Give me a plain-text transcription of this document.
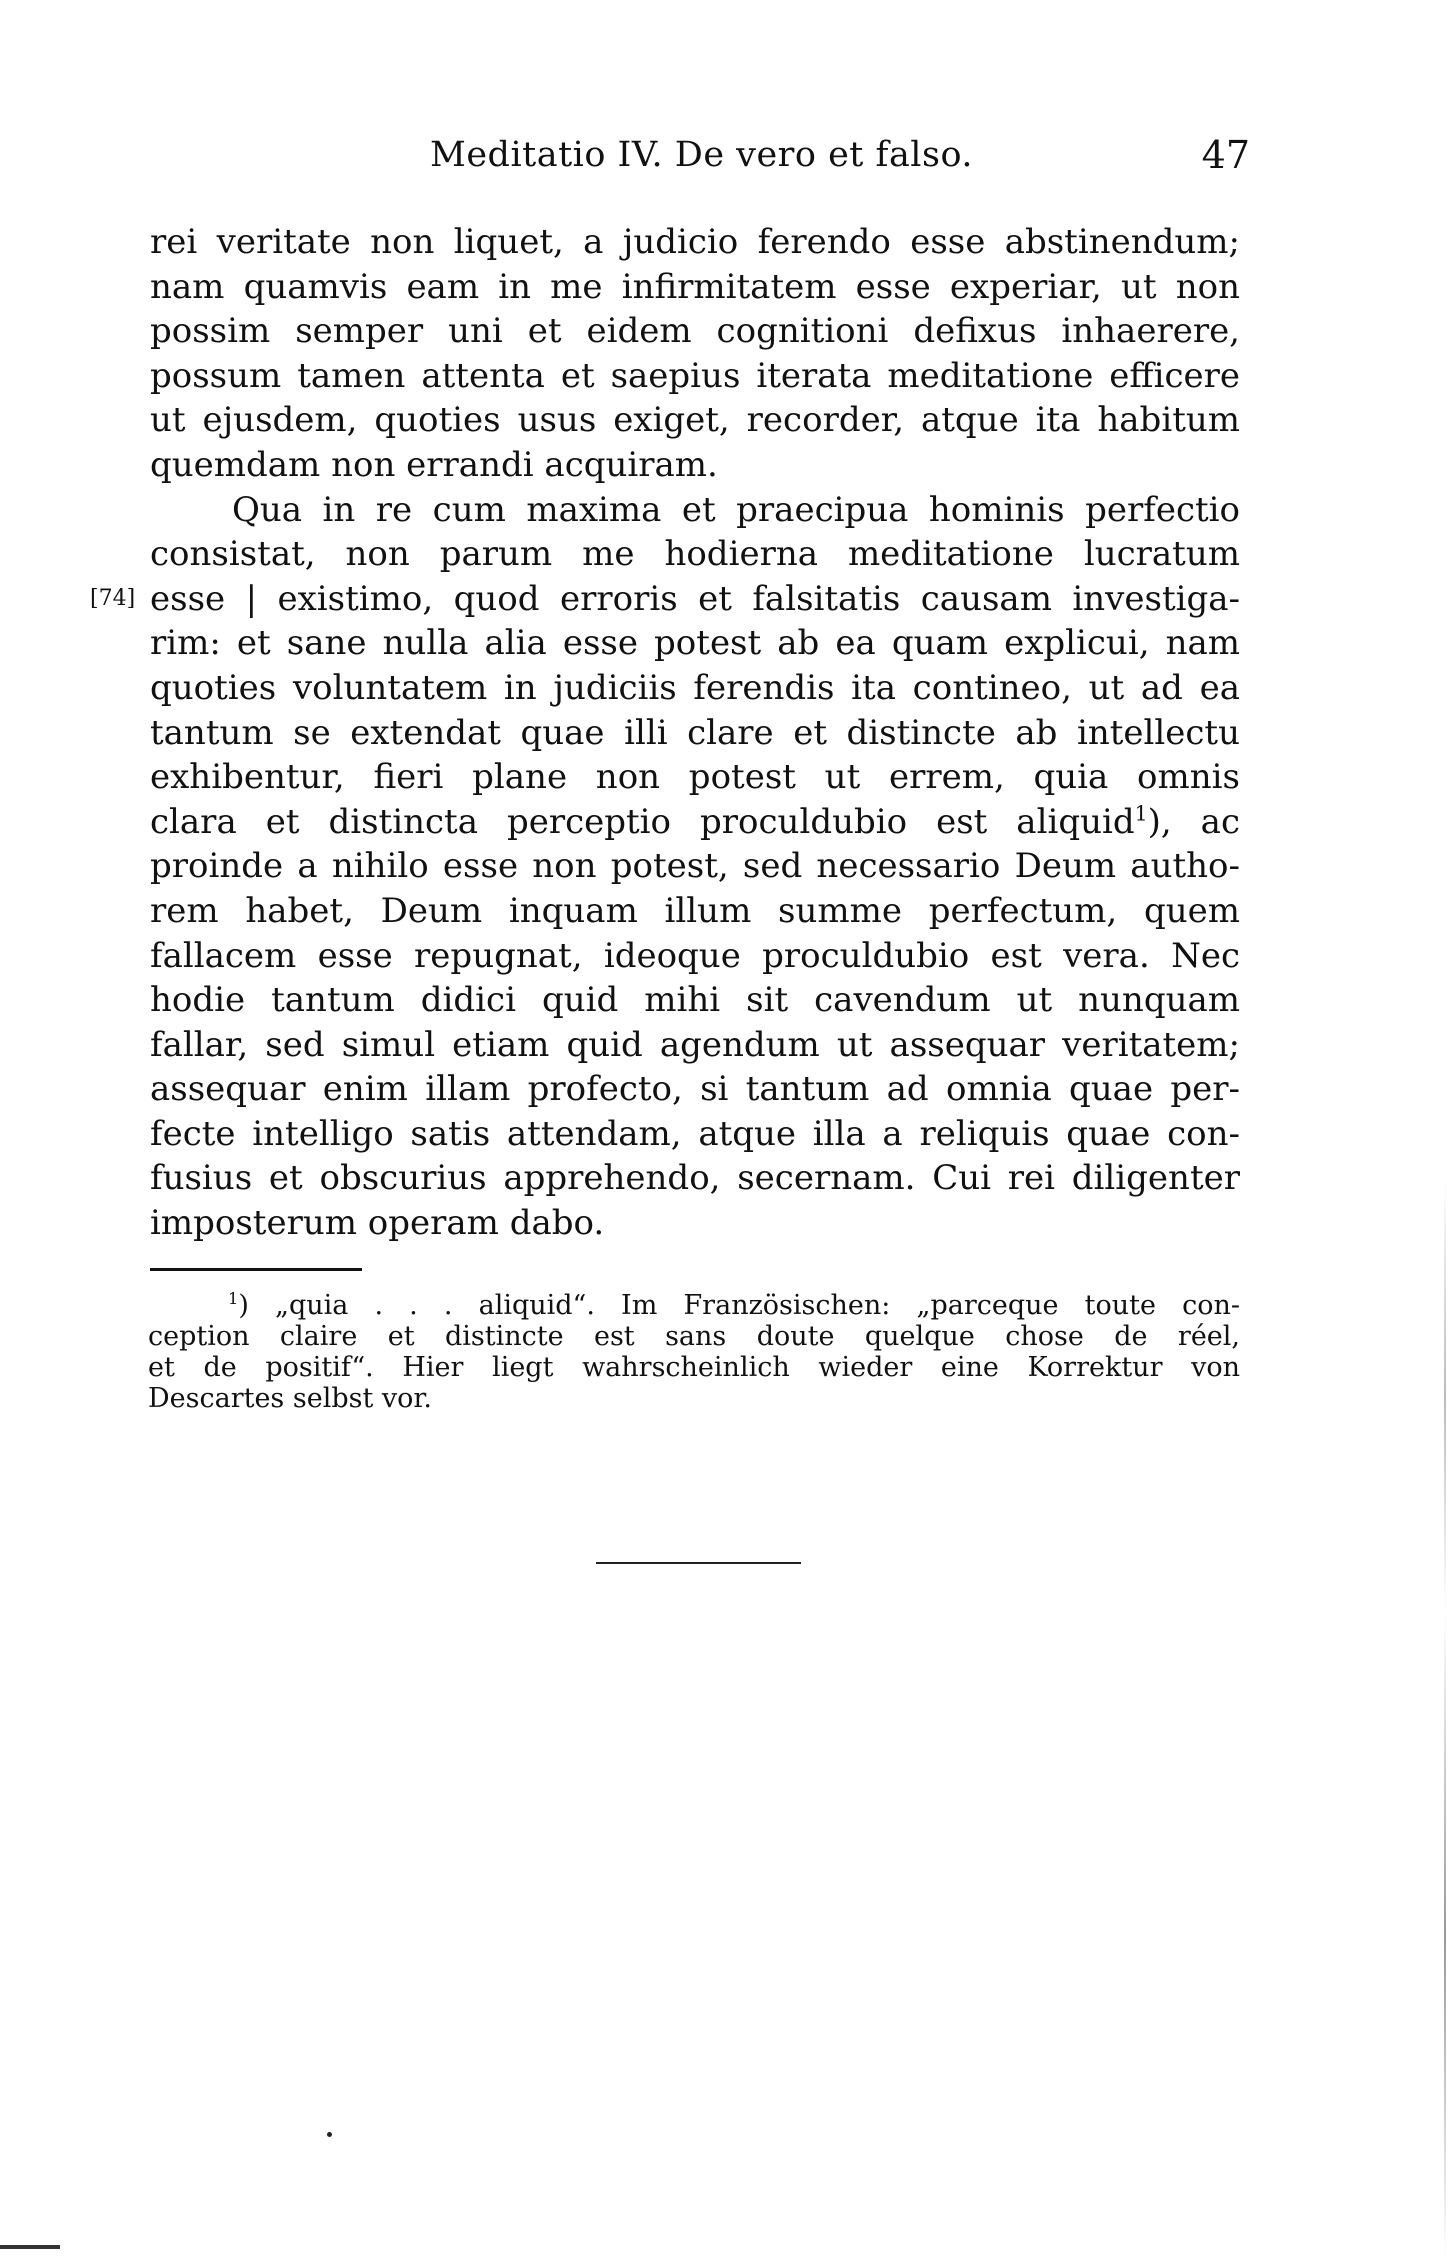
Meditatio IV. De vero et falso.	47
rei veritate non liquet, a judicio ferendo esse abstinendum;
nam quamvis eam in me infirmitatem esse experiar, ut non
possim semper uni et eidem cognitioni defixus inhaerere,
possum tamen attenta et saepius iterata meditatione efficere
ut ejusdem, quoties usus exiget, recorder, atque ita habitum
quemdam non errandi acquiram.
Qua in re cum maxima et praecipua hominis perfectio
consistat, non parum me hodierna meditatione lucratum
[74] esse | existimo, quod erroris et falsitatis causam investiga-
rim: et sane nulla alia esse potest ab ea quam explicui, nam
quoties voluntatem in judiciis ferendis ita contineo, ut ad ea
tantum se extendat quae illi clare et distincte ab intellectu
exhibentur, fieri plane non potest ut errem, quia omnis
clara et distincta perceptio proculdubio est aliquid$^1$), ac
proinde a nihilo esse non potest, sed necessario Deum autho-
rem habet, Deum inquam illum summe perfectum, quem
fallacem esse repugnat, ideoque proculdubio est vera. Nec
hodie tantum didici quid mihi sit cavendum ut nunquam
fallar, sed simul etiam quid agendum ut assequar veritatem;
assequar enim illam profecto, si tantum ad omnia quae per-
fecte intelligo satis attendam, atque illa a reliquis quae con-
fusius et obscurius apprehendo, secernam. Cui rei diligenter
imposterum operam dabo.
$^1$) „quia . . . aliquid“. Im Französischen: „parceque toute con-
ception claire et distincte est sans doute quelque chose de réel,
et de positif“. Hier liegt wahrscheinlich wieder eine Korrektur von
Descartes selbst vor.
